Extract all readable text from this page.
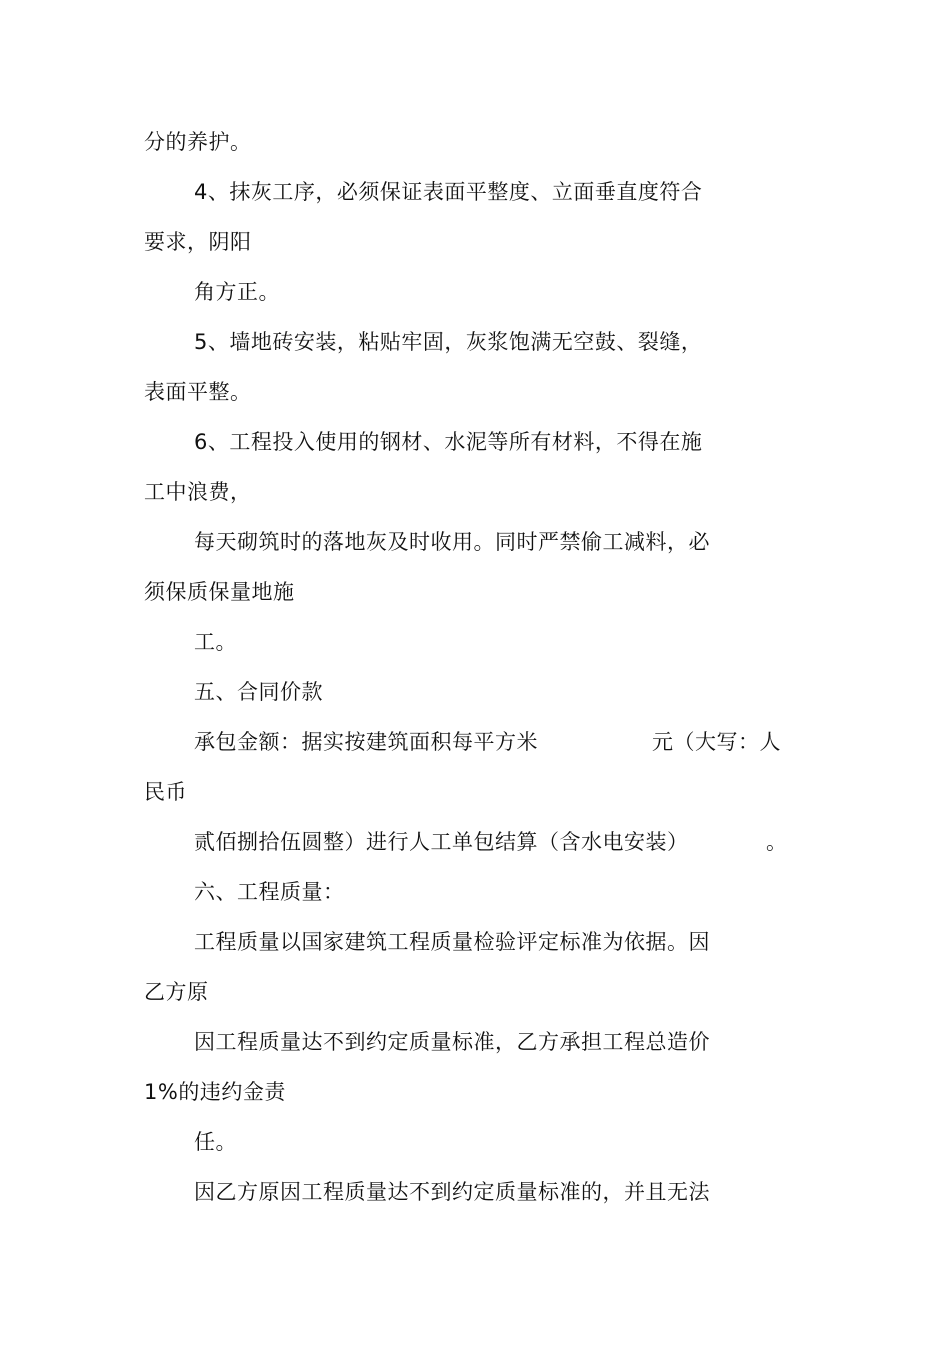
分的养护。
4、抹灰工序，必须保证表面平整度、立面垂直度符合
要求，阴阳
角方正。
5、墙地砖安装，粘贴牢固，灰浆饱满无空鼓、裂缝，
表面平整。
6、工程投入使用的钢材、水泥等所有材料，不得在施
工中浪费，
每天砌筑时的落地灰及时收用。同时严禁偷工减料，必
须保质保量地施
工。
五、合同价款
承包金额：据实按建筑面积每平方米	元（大写：人
民币
贰佰捌拾伍圆整）进行人工单包结算（含水电安装）	。
六、工程质量：
工程质量以国家建筑工程质量检验评定标准为依据。因
乙方原
因工程质量达不到约定质量标准，乙方承担工程总造价
1%的违约金责
任。
因乙方原因工程质量达不到约定质量标准的，并且无法
